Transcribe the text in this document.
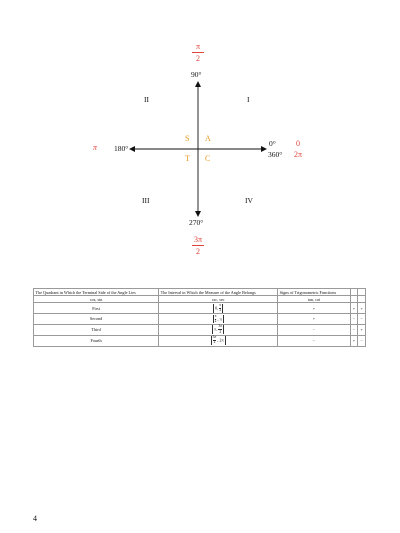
π
2
90°
II	I
S A
T C
π 180°
0°
360°
0
2π
III	IV
270°
3π
2
The Quadrant in Which the Terminal Side of the Angle Lies	The Interval in Which the Measure of the Angle Belongs	Signs of Trigonometric Functions		
cos, sin	csc, sec	tan, cot		
First	0, $\frac{\pi}{2}$	+	+	+
Second	$\frac{\pi}{2}$ , π	+	−	−
Third	π, $\frac{3\pi}{2}$	−	−	+
Fourth	$\frac{3\pi}{2}$ , 2π	−	+	−
4
